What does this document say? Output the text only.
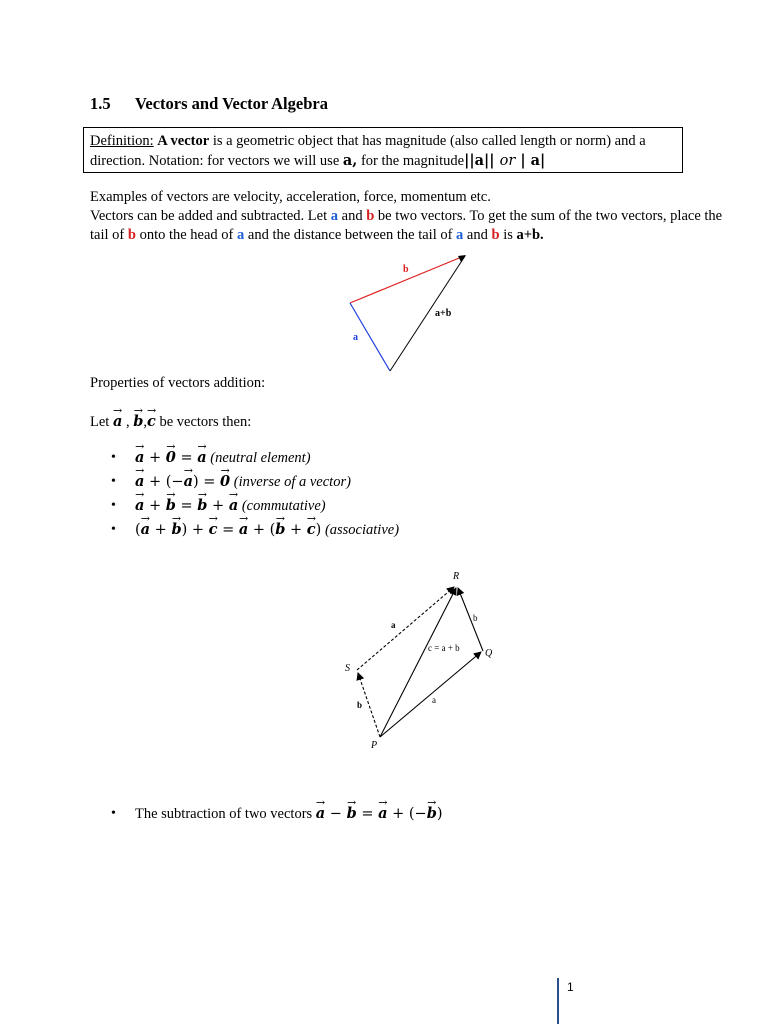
1.5 Vectors and Vector Algebra
Definition: A vector is a geometric object that has magnitude (also called length or norm) and a
direction. Notation: for vectors we will use a, for the magnitude||a|| or | a|
Examples of vectors are velocity, acceleration, force, momentum etc.
Vectors can be added and subtracted. Let a and b be two vectors. To get the sum of the two vectors, place the
tail of b onto the head of a and the distance between the tail of a and b is a+b.
b
a
a+b
Properties of vectors addition:
Let → a , → b,→ c be vectors then:
• → a + → 0 = → a (neutral element)
• → a + (−→ a) = → 0 (inverse of a vector)
• → a + → b = → b + → a (commutative)
• (→ a + → b) + → c = → a + (→ b + → c) (associative)
R
S
P
Q
a
b
c = a + b
a
b
• The subtraction of two vectors → a − → b = → a + (−→ b)
1
